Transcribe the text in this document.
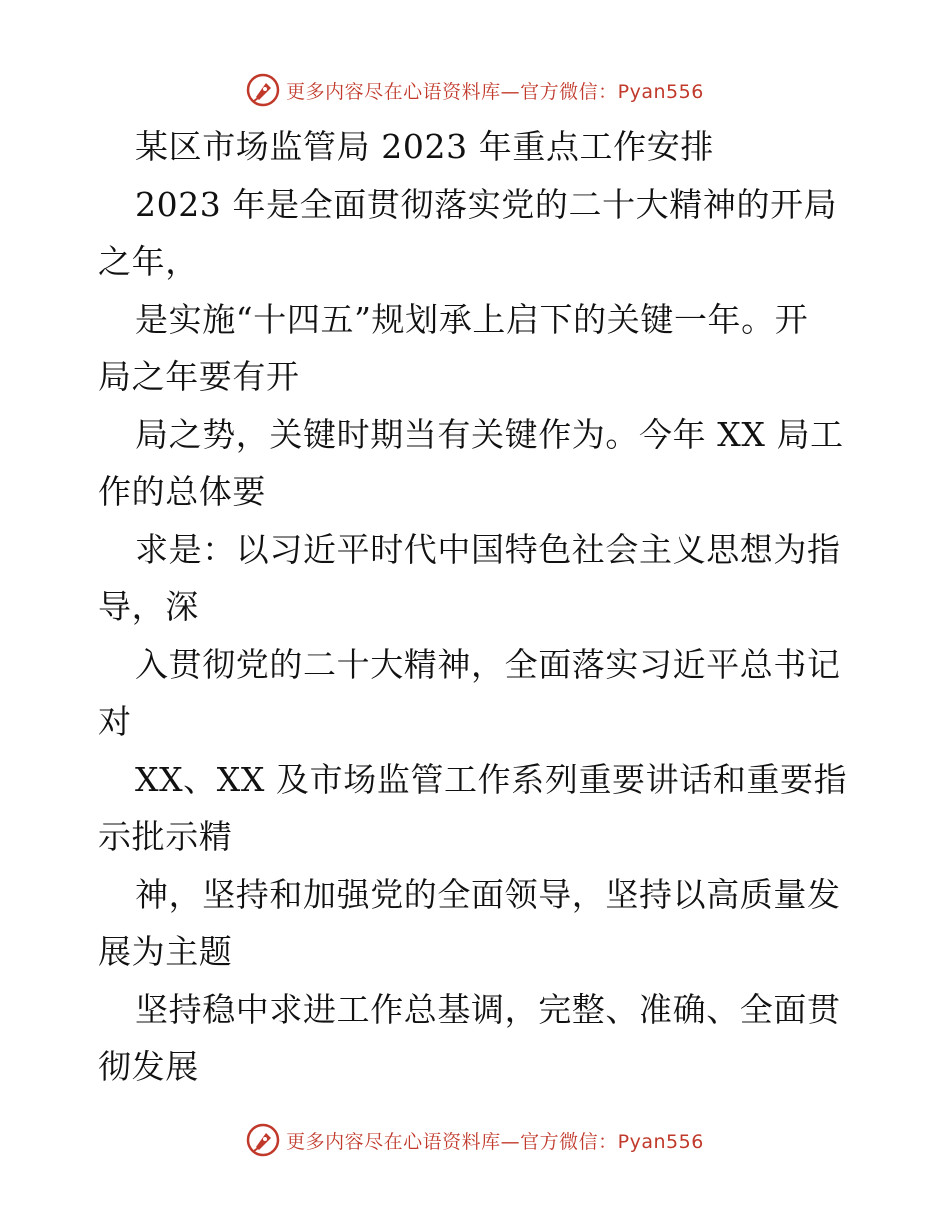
更多内容尽在心语资料库—官方微信：Pyan556
某区市场监管局 2023 年重点工作安排
2023 年是全面贯彻落实党的二十大精神的开局
之年，
是实施“十四五”规划承上启下的关键一年。开
局之年要有开
局之势，关键时期当有关键作为。今年 XX 局工
作的总体要
求是：以习近平时代中国特色社会主义思想为指
导，深
入贯彻党的二十大精神，全面落实习近平总书记
对
XX、XX 及市场监管工作系列重要讲话和重要指
示批示精
神，坚持和加强党的全面领导，坚持以高质量发
展为主题
坚持稳中求进工作总基调，完整、准确、全面贯
彻发展
更多内容尽在心语资料库—官方微信：Pyan556
